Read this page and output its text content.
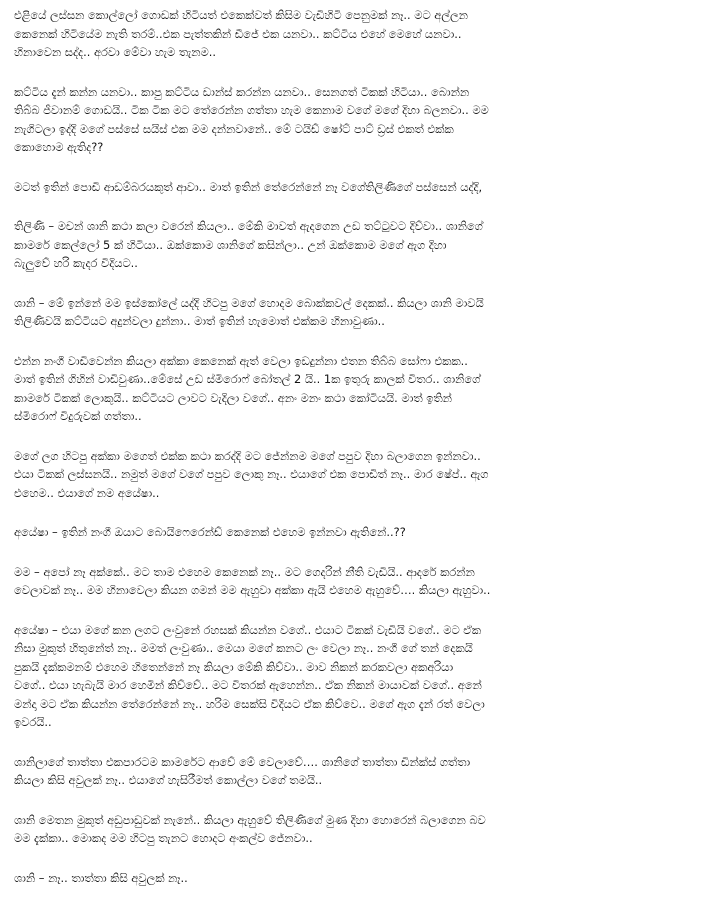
එළියේ ලස්සන කොල්ලෝ ගොඩක් හිටියත් එකෙක්වත් කිසිම වැඩිහිටි පෙනුමක් නෑ.. මට අල්ලන
කෙනෙක් හිටියේම නැති තරම්..එක පැත්තකින් ඩීජේ එක යනවා.. කට්ටිය එහේ මෙහේ යනවා..
හිනාවෙන සද්ද.. අරවා මේවා හැම තැනම..

කට්ටිය දැන් කන්න යනවා.. කාපු කට්ටිය ඩාන්ස් කරන්න යනවා.. සෙනගත් ටිකක් හිටියා.. බොන්න
තිබ්බ ජීවානම් ගොඩයි.. ටික ටික මට තේරෙන්න ගත්තා හැම කෙනාම වගේ මගේ දිහා බලනවා.. මම
නැගිටලා ඉද්දි මගේ පස්සේ සයිස් එක මම දන්නවානේ.. මේ ටයිඩ් ෂෝට් පාට් ඩ්‍රස් එකත් එක්ක
කොහොම ඇතිද??

මටත් ඉතින් පොඩි ආඩම්බරයකුත් ආවා.. මාත් ඉතින් තේරෙන්නේ නෑ වගේතිලිණිගේ පස්සෙන් යද්දි,

තිලිණි – මචන් ශානි කථා කලා වරෙන් කියලා.. මේකි මාවත් ඇදගෙන උඩ තට්ටුවට දිව්වා.. ශානිගේ
කාමරේ කෙල්ලෝ 5 ක් හිටියා.. ඔක්කොම ශානිගේ කසින්ලා.. උන් ඔක්කොම මගේ ඇග දිහා
බැලුවේ හරි කැදර විදියට..

ශානි – මේ ඉන්නේ මම ඉස්කෝලේ යද්දි හිටපු මගේ හොදම බොක්කවල් දෙකක්.. කියලා ශානි මාවයි
තිලිණිවයි කට්ටියට අදුන්වලා දුන්නා.. මාත් ඉතින් හැමොත් එක්කම හිනාවුණා..

එන්න නංගී වාඩිවෙන්න කියලා අක්කා කෙනෙක් ඇත් වෙලා ඉඩදුන්නා එතන තිබ්බ සෝෆා එකක..
මාත් ඉතින් ගිහින් වාඩිවුණා..මේසේ උඩ ස්මිරොෆ් බෝතල් 2 යි.. 1ක ඉතුරු කාලක් විතර.. ශානිගේ
කාමරේ ටිකක් ලොකුයි.. කට්ටියට ලාවට වැදිලා වගේ.. අනං මනං කථා කෝටියයි. මාත් ඉතින්
ස්මිරොෆ් විදුරුවක් ගත්තා..

මගේ ලග හිටපු අක්කා මගෙත් එක්ක කථා කරද්දි මට ජේන්නම මගේ පපුව දිහා බලාගෙන ඉන්නවා..
එයා ටිකක් ලස්සනයි.. නමුත් මගේ වගේ පපුව ලොකු නෑ.. එයාගේ එක පොඩිත් නෑ.. මාර ෂේප්.. ඇග
එහෙම.. එයාගේ නම අයේෂා..

අයේෂා – ඉතින් නංගී ඔයාට බොයිෆෙරෙන්ඩ් කෙනෙක් එහෙම ඉන්නවා ඇතිනේ..??

මම – අපෝ නෑ අක්කේ.. මට තාම එහෙම කෙනෙක් නෑ.. මට ගෙදරින් නීති වැඩියි.. ආදරේ කරන්න
වෙලාවක් නෑ.. මම හිනාවෙලා කියන ගමන් මම ඇහුවා අක්කා ඇයි එහෙම ඇහුවේ…. කියලා ඇහුවා..

අයේෂා – එයා මගේ කන ලගට ලංවුනේ රහසක් කියන්න වගේ.. එයාට ටිකක් වැඩියි වගේ.. මට ඒක
නිසා මුකුත් හිතුනේත් නෑ.. මමත් ලංවුණා.. මෙයා මගේ කනට ලං වෙලා නෑ.. නංගී ගේ තන් දෙකයි
පුකයි දැක්කමනම් එහෙම හිතෙන්නේ නෑ කියලා මේකි කිව්වා.. මාව නිකන් කරකවලා අකඅරියා
වගේ.. එයා හැබැයි මාර හෙමින් කිව්වේ.. මට විතරක් ඇහෙන්න.. ඒක නිකන් මායාවක් වගේ.. අනේ
මන්දා මට ඒක කියන්න තේරෙන්නේ නෑ.. හරිම සෙක්සි විදියට ඒක කිව්වෙ.. මගේ ඇග දැන් රත් වෙලා
ඉවරයි..

ශානිලාගේ තාත්තා එකපාරටම කාමරේට ආවේ මේ වෙලාවේ…. ශානිගේ තාත්තා ඩින්ක්ස් ගත්තා
කියලා කිසි අවුලක් නෑ.. එයාගේ හැසිරීමත් කොල්ලා වගේ තමයි..

ශානි මෙතන මුකුත් අඩුපාඩුවක් නැනේ.. කියලා ඇහුවේ තිලිණිගේ මුණ දිහා හොරෙන් බලාගෙන බව
මම දැක්කා.. මොකද මම හිටපු තැනට හොදට අංකල්ව ජේනවා..

ශානි – නෑ.. තාත්තා කිසි අවුලක් නෑ..
